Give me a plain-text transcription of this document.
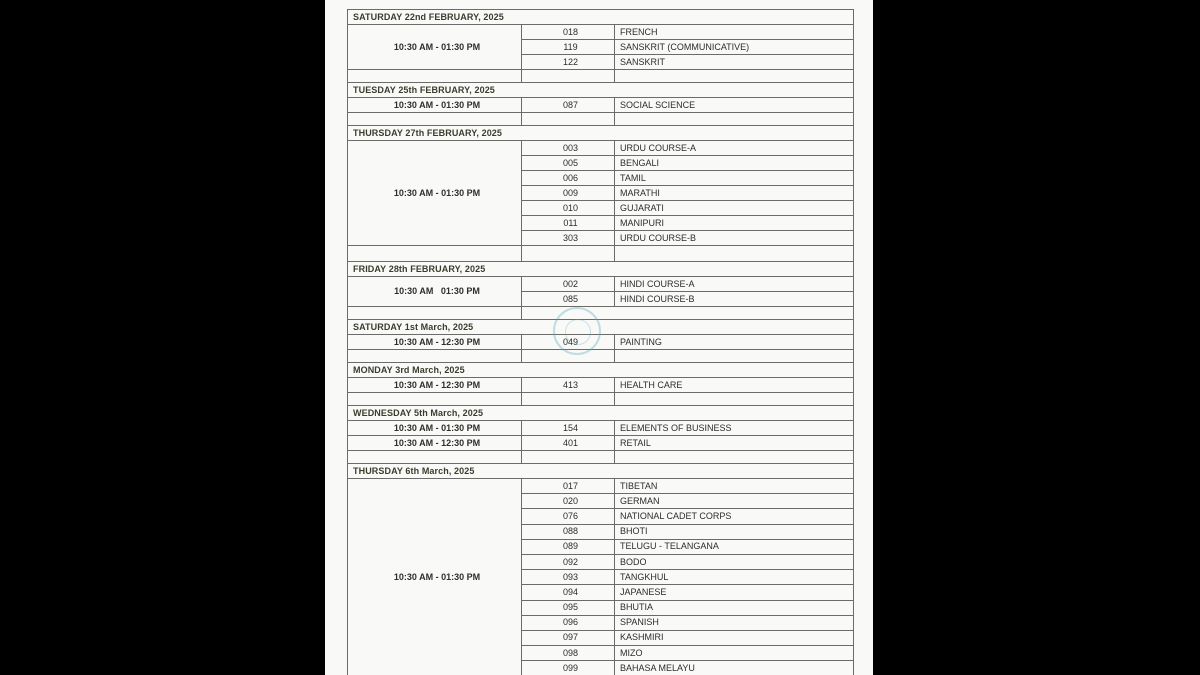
SATURDAY 22nd FEBRUARY, 2025		
10:30 AM - 01:30 PM	018	FRENCH
	119	SANSKRIT (COMMUNICATIVE)
	122	SANSKRIT

TUESDAY 25th FEBRUARY, 2025		
10:30 AM - 01:30 PM	087	SOCIAL SCIENCE

THURSDAY 27th FEBRUARY, 2025		
10:30 AM - 01:30 PM	003	URDU COURSE-A
	005	BENGALI
	006	TAMIL
	009	MARATHI
	010	GUJARATI
	011	MANIPURI
	303	URDU COURSE-B

FRIDAY 28th FEBRUARY, 2025		
10:30 AM   01:30 PM	002	HINDI COURSE-A
	085	HINDI COURSE-B

SATURDAY 1st March, 2025		
10:30 AM - 12:30 PM	049	PAINTING

MONDAY 3rd March, 2025		
10:30 AM - 12:30 PM	413	HEALTH CARE

WEDNESDAY 5th March, 2025		
10:30 AM - 01:30 PM	154	ELEMENTS OF BUSINESS
10:30 AM - 12:30 PM	401	RETAIL

THURSDAY 6th March, 2025		
10:30 AM - 01:30 PM	017	TIBETAN
	020	GERMAN
	076	NATIONAL CADET CORPS
	088	BHOTI
	089	TELUGU - TELANGANA
	092	BODO
	093	TANGKHUL
	094	JAPANESE
	095	BHUTIA
	096	SPANISH
	097	KASHMIRI
	098	MIZO
	099	BAHASA MELAYU
